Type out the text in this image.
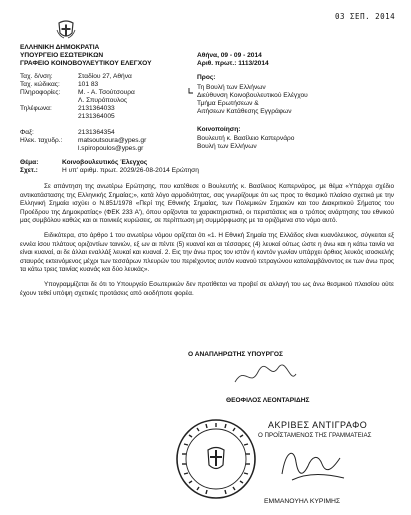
03 ΣΕΠ. 2014
ΕΛΛΗΝΙΚΗ ΔΗΜΟΚΡΑΤΙΑ
ΥΠΟΥΡΓΕΙΟ ΕΣΩΤΕΡΙΚΩΝ
ΓΡΑΦΕΙΟ ΚΟΙΝΟΒΟΥΛΕΥΤΙΚΟΥ ΕΛΕΓΧΟΥ
Αθήνα, 09 - 09 - 2014
Αριθ. πρωτ.: 1113/2014
Ταχ. δ/νση:	Σταδίου 27, Αθήνα
Ταχ. κώδικας:	101 83
Πληροφορίες:	Μ. - Α. Τσούτσουρα
Λ. Σπυρόπουλος
Τηλέφωνα:	2131364033
2131364005
Φαξ:	2131364354
Ηλεκ. ταχυδρ.: matsoutsoura@ypes.gr
l.spiropoulos@ypes.gr
Προς:
Τη Βουλή των Ελλήνων
Διεύθυνση Κοινοβουλευτικού Ελέγχου
Τμήμα Ερωτήσεων &
Αιτήσεων Κατάθεσης Εγγράφων
Κοινοποίηση:
Βουλευτή κ. Βασίλειο Καπερνάρο
Βουλή των Ελλήνων
Θέμα:	Κοινοβουλευτικός Έλεγχος
Σχετ.:	Η υπ' αριθμ. πρωτ. 2029/26-08-2014 Ερώτηση

Σε απάντηση της ανωτέρω Ερώτησης, που κατέθεσε ο Βουλευτής κ. Βασίλειος Καπερνάρος, με θέμα «Υπάρχει σχέδιο αντικατάστασης της Ελληνικής Σημαίας;», κατά λόγο αρμοδιότητας, σας γνωρίζουμε ότι ως προς το θεσμικό πλαίσιο σχετικά με την Ελληνική Σημαία ισχύει ο Ν.851/1978 «Περί της Εθνικής Σημαίας, των Πολεμικών Σημαιών και του Διακριτικού Σήματος του Προέδρου της Δημοκρατίας» (ΦΕΚ 233 Α'), όπου ορίζονται τα χαρακτηριστικά, οι περιστάσεις και ο τρόπος ανάρτησης του εθνικού μας συμβόλου καθώς και οι ποινικές κυρώσεις, σε περίπτωση μη συμμόρφωσης με τα οριζόμενα στο νόμο αυτό.

Ειδικότερα, στο άρθρο 1 του ανωτέρω νόμου ορίζεται ότι «1. Η Εθνική Σημαία της Ελλάδος είναι κυανόλευκος, σύγκειται εξ εννέα ίσου πλάτους οριζοντίων ταινιών, εξ ων αι πέντε (5) κυαναί και αι τέσσαρες (4) λευκαί ούτως ώστε η άνω και η κάτω ταινία να είναι κυαναί, αι δε άλλαι εναλλάξ λευκαί και κυαναί. 2. Εις την άνω προς τον ιστόν ή κοντόν γωνίαν υπάρχει όρθιος λευκός ισοσκελής σταυρός εκτεινόμενος μέχρι των τεσσάρων πλευρών του περιέχοντος αυτόν κυανού τετραγώνου καταλαμβάνοντος εκ των άνω προς τα κάτω τρεις ταινίας κυανάς και δύο λευκάς».

Υπογραμμίζεται δε ότι το Υπουργείο Εσωτερικών δεν προτίθεται να προβεί σε αλλαγή του ως άνω θεσμικού πλαισίου ούτε έχουν τεθεί υπόψη σχετικές προτάσεις από οιοδήποτε φορέα.

Ο ΑΝΑΠΛΗΡΩΤΗΣ ΥΠΟΥΡΓΟΣ
ΘΕΟΦΙΛΟΣ ΛΕΟΝΤΑΡΙΔΗΣ
ΑΚΡΙΒΕΣ ΑΝΤΙΓΡΑΦΟ
Ο ΠΡΟΪΣΤΑΜΕΝΟΣ ΤΗΣ ΓΡΑΜΜΑΤΕΙΑΣ
ΕΜΜΑΝΟΥΗΛ ΚΥΡΙΜΗΣ
